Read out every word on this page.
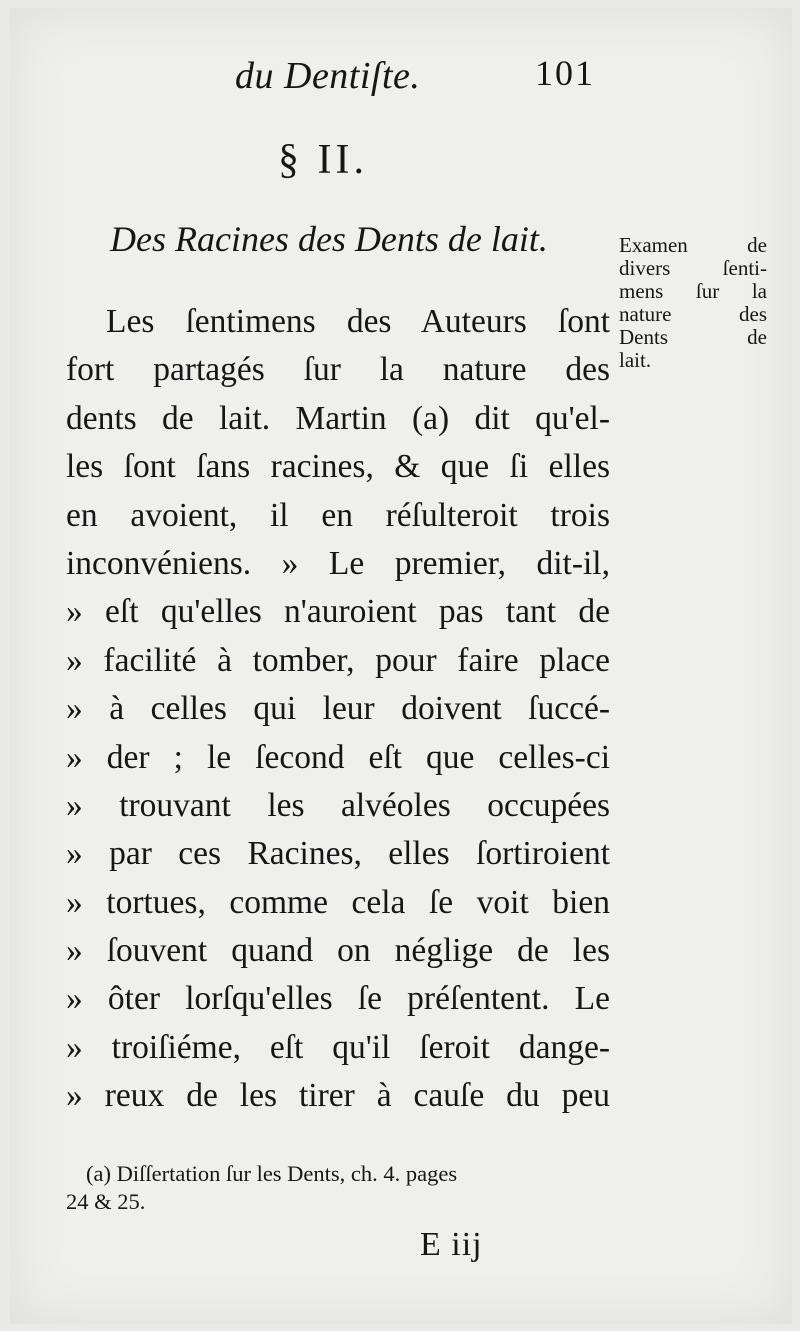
du Dentiſte.	101
§ II.
Des Racines des Dents de lait.	Examen de
divers ſenti-
mens ſur la
nature des
Dents de
lait.
Les ſentimens des Auteurs ſont
fort partagés ſur la nature des
dents de lait. Martin (a) dit qu'el-
les ſont ſans racines, & que ſi elles
en avoient, il en réſulteroit trois
inconvéniens. » Le premier, dit-il,
» eſt qu'elles n'auroient pas tant de
» facilité à tomber, pour faire place
» à celles qui leur doivent ſuccé-
» der ; le ſecond eſt que celles-ci
» trouvant les alvéoles occupées
» par ces Racines, elles ſortiroient
» tortues, comme cela ſe voit bien
» ſouvent quand on néglige de les
» ôter lorſqu'elles ſe préſentent. Le
» troiſiéme, eſt qu'il ſeroit dange-
» reux de les tirer à cauſe du peu
(a) Diſſertation ſur les Dents, ch. 4. pages
24 & 25.
E iij
